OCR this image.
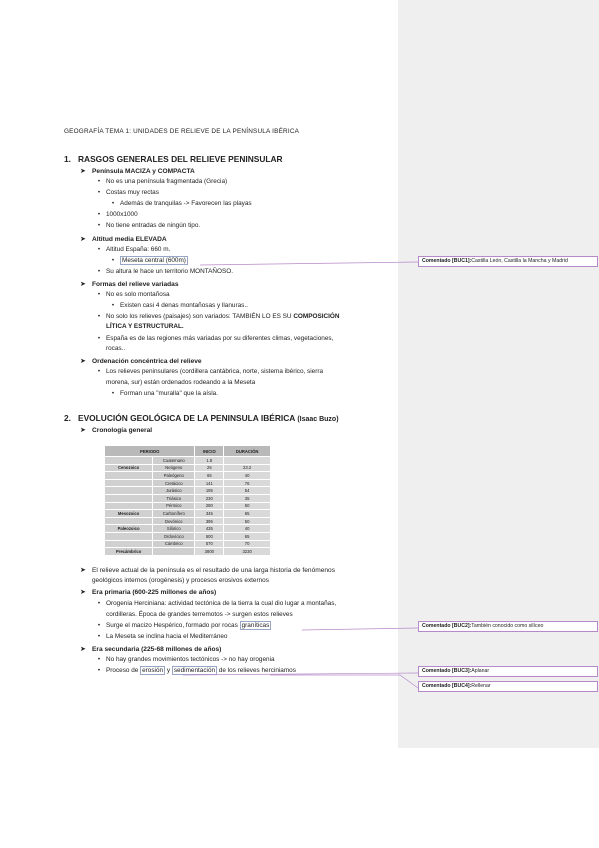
GEOGRAFÍA TEMA 1: UNIDADES DE RELIEVE DE LA PENÍNSULA IBÉRICA
1. RASGOS GENERALES DEL RELIEVE PENINSULAR
➤ Península MACIZA y COMPACTA
• No es una península fragmentada (Grecia)
• Costas muy rectas
• Además de tranquilas -> Favorecen las playas
• 1000x1000
• No tiene entradas de ningún tipo.
➤ Altitud media ELEVADA
• Altitud España: 660 m.
• Meseta central (600m)
• Su altura le hace un territorio MONTAÑOSO.
➤ Formas del relieve variadas
• No es solo montañosa
• Existen casi 4 denas montañosas y llanuras..
• No solo los relieves (paisajes) son variados: TAMBIÉN LO ES SU COMPOSICIÓN
LÍTICA Y ESTRUCTURAL.
• España es de las regiones más variadas por su diferentes climas, vegetaciones,
rocas..
➤ Ordenación concéntrica del relieve
• Los relieves peninsulares (cordillera cantábrica, norte, sistema ibérico, sierra
morena, sur) están ordenados rodeando a la Meseta
• Forman una "muralla" que la aísla.
2. EVOLUCIÓN GEOLÓGICA DE LA PENINSULA IBÉRICA (Isaac Buzo)
➤ Cronología general
PERIODO		INICIO	DURACIÓN
	Cuaternario	1.8	
Cenozoico	Neógeno	25	23.2
	Paleógeno	65	40
	Cretácico	141	76
	Jurásico	195	54
	Triásico	230	35
	Pérmico	280	50
Mesozoico	Carbonífero	345	65
	Devónico	395	50
Paleozoico	Silúrico	435	40
	Ordovícico	500	65
	Cámbrico	570	70
Precámbrico		3800	3230
➤ El relieve actual de la península es el resultado de una larga historia de fenómenos
geológicos internos (orogénesis) y procesos erosivos externos
➤ Era primaria (600-225 millones de años)
• Orogenia Herciniana: actividad tectónica de la tierra la cual dio lugar a montañas,
cordilleras. Época de grandes terremotos -> surgen estos relieves
• Surge el macizo Hespérico, formado por rocas graníticas
• La Meseta se inclina hacia el Mediterráneo
➤ Era secundaria (225-68 millones de años)
• No hay grandes movimientos tectónicos -> no hay orogenia
• Proceso de erosión y sedimentación de los relieves herciniamos
Comentado [BUC1]:Castilla León, Castilla la Mancha y Madrid
Comentado [BUC2]:También conocido como silíceo
Comentado [BUC3]:Aplanar
Comentado [BUC4]:Rellenar
